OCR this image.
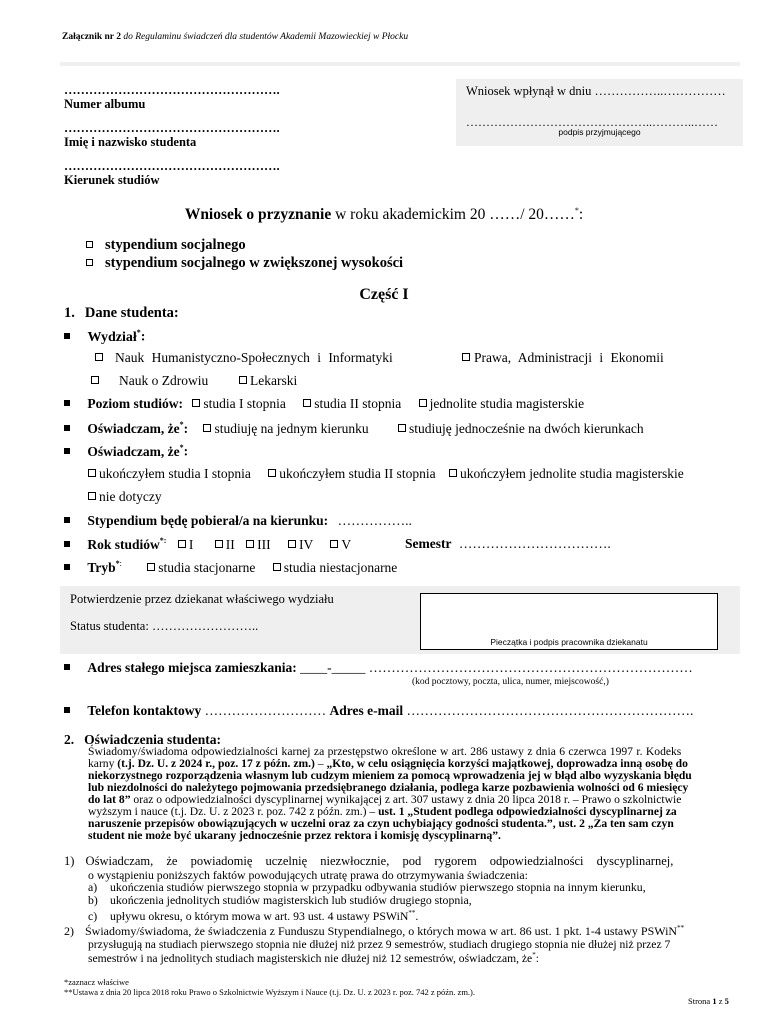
Załącznik nr 2 do Regulaminu świadczeń dla studentów Akademii Mazowieckiej w Płocku
…………………………………………….
Numer albumu
…………………………………………….
Imię i nazwisko studenta
…………………………………………….
Kierunek studiów
Wniosek wpłynął w dniu ……………..……………
………………………………………..………..……
podpis przyjmującego
Wniosek o przyznanie w roku akademickim 20 ……/ 20……*:
stypendium socjalnego
stypendium socjalnego w zwiększonej wysokości
Część I
1. Dane studenta:
Wydział*:
Nauk Humanistyczno-Społecznych i Informatyki	Prawa, Administracji i Ekonomii
Nauk o Zdrowiu	Lekarski
Poziom studiów: studia I stopnia studia II stopnia jednolite studia magisterskie
Oświadczam, że*: studiuję na jednym kierunku	studiuję jednocześnie na dwóch kierunkach
Oświadczam, że*:
ukończyłem studia I stopnia ukończyłem studia II stopnia ukończyłem jednolite studia magisterskie
nie dotyczy
Stypendium będę pobierał/a na kierunku: ……………..
Rok studiów*: I II III IV V	Semestr …………………………….
Tryb*:	studia stacjonarne studia niestacjonarne
Potwierdzenie przez dziekanat właściwego wydziału
Status studenta: ……………………..
Pieczątka i podpis pracownika dziekanatu
Adres stałego miejsca zamieszkania: ____-_____ ………………………………………………………………
(kod pocztowy, poczta, ulica, numer, miejscowość,)
Telefon kontaktowy ……………………… Adres e-mail ……………………………………………………….
2. Oświadczenia studenta:
Świadomy/świadoma odpowiedzialności karnej za przestępstwo określone w art. 286 ustawy z dnia 6 czerwca 1997 r. Kodeks
karny (t.j. Dz. U. z 2024 r., poz. 17 z późn. zm.) – „Kto, w celu osiągnięcia korzyści majątkowej, doprowadza inną osobę do
niekorzystnego rozporządzenia własnym lub cudzym mieniem za pomocą wprowadzenia jej w błąd albo wyzyskania błędu
lub niezdolności do należytego pojmowania przedsiębranego działania, podlega karze pozbawienia wolności od 6 miesięcy
do lat 8” oraz o odpowiedzialności dyscyplinarnej wynikającej z art. 307 ustawy z dnia 20 lipca 2018 r. – Prawo o szkolnictwie
wyższym i nauce (t.j. Dz. U. z 2023 r. poz. 742 z późn. zm.) – ust. 1 „Student podlega odpowiedzialności dyscyplinarnej za
naruszenie przepisów obowiązujących w uczelni oraz za czyn uchybiający godności studenta.”, ust. 2 „Za ten sam czyn
student nie może być ukarany jednocześnie przez rektora i komisję dyscyplinarną”.
1) Oświadczam, że powiadomię uczelnię niezwłocznie, pod rygorem odpowiedzialności dyscyplinarnej,
o wystąpieniu poniższych faktów powodujących utratę prawa do otrzymywania świadczenia:
a) ukończenia studiów pierwszego stopnia w przypadku odbywania studiów pierwszego stopnia na innym kierunku,
b) ukończenia jednolitych studiów magisterskich lub studiów drugiego stopnia,
c) upływu okresu, o którym mowa w art. 93 ust. 4 ustawy PSWiN**.
2) Świadomy/świadoma, że świadczenia z Funduszu Stypendialnego, o których mowa w art. 86 ust. 1 pkt. 1-4 ustawy PSWiN**
przysługują na studiach pierwszego stopnia nie dłużej niż przez 9 semestrów, studiach drugiego stopnia nie dłużej niż przez 7
semestrów i na jednolitych studiach magisterskich nie dłużej niż 12 semestrów, oświadczam, że*:
*zaznacz właściwe
**Ustawa z dnia 20 lipca 2018 roku Prawo o Szkolnictwie Wyższym i Nauce (t.j. Dz. U. z 2023 r. poz. 742 z późn. zm.).
Strona 1 z 5
